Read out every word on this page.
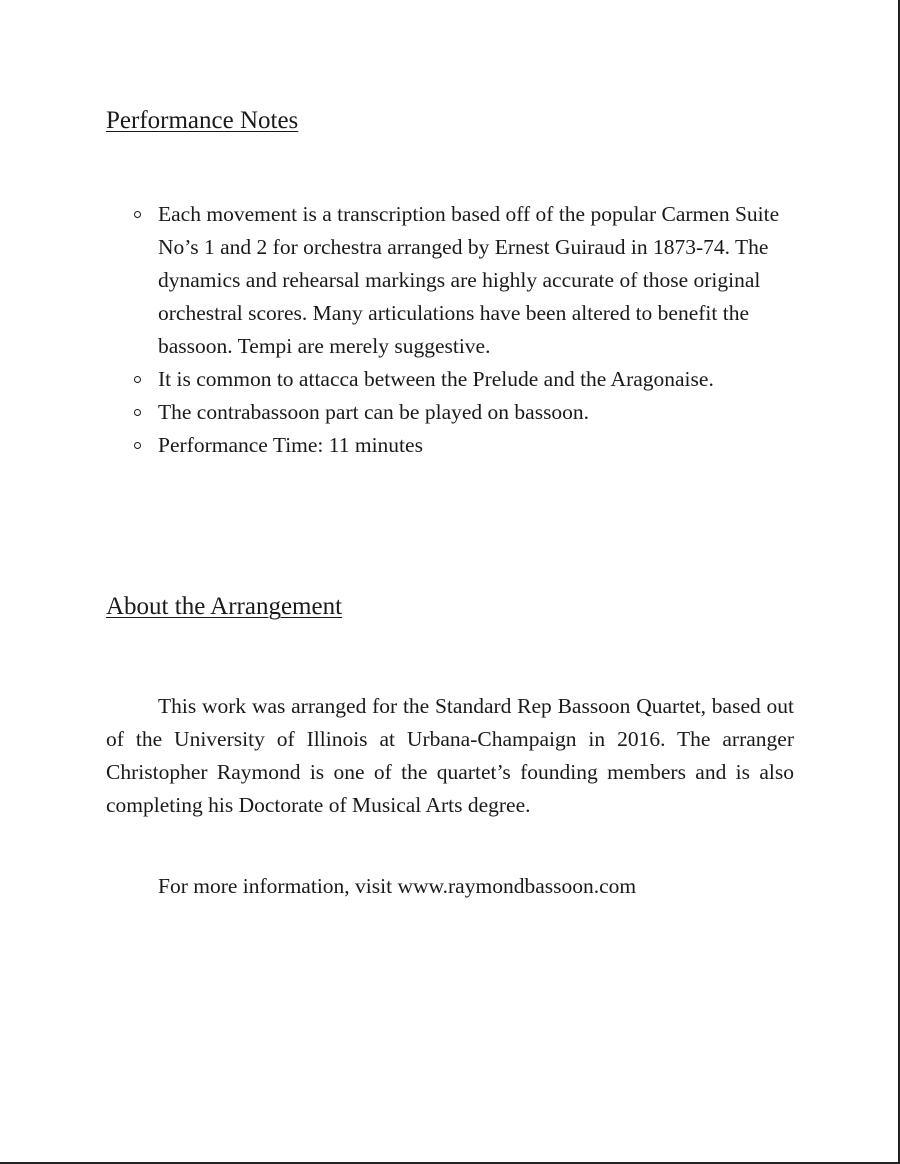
Performance Notes
Each movement is a transcription based off of the popular Carmen Suite No’s 1 and 2 for orchestra arranged by Ernest Guiraud in 1873-74. The dynamics and rehearsal markings are highly accurate of those original orchestral scores. Many articulations have been altered to benefit the bassoon. Tempi are merely suggestive.
It is common to attacca between the Prelude and the Aragonaise.
The contrabassoon part can be played on bassoon.
Performance Time: 11 minutes
About the Arrangement

This work was arranged for the Standard Rep Bassoon Quartet, based out of the University of Illinois at Urbana-Champaign in 2016. The arranger Christopher Raymond is one of the quartet’s founding members and is also completing his Doctorate of Musical Arts degree.

For more information, visit www.raymondbassoon.com
